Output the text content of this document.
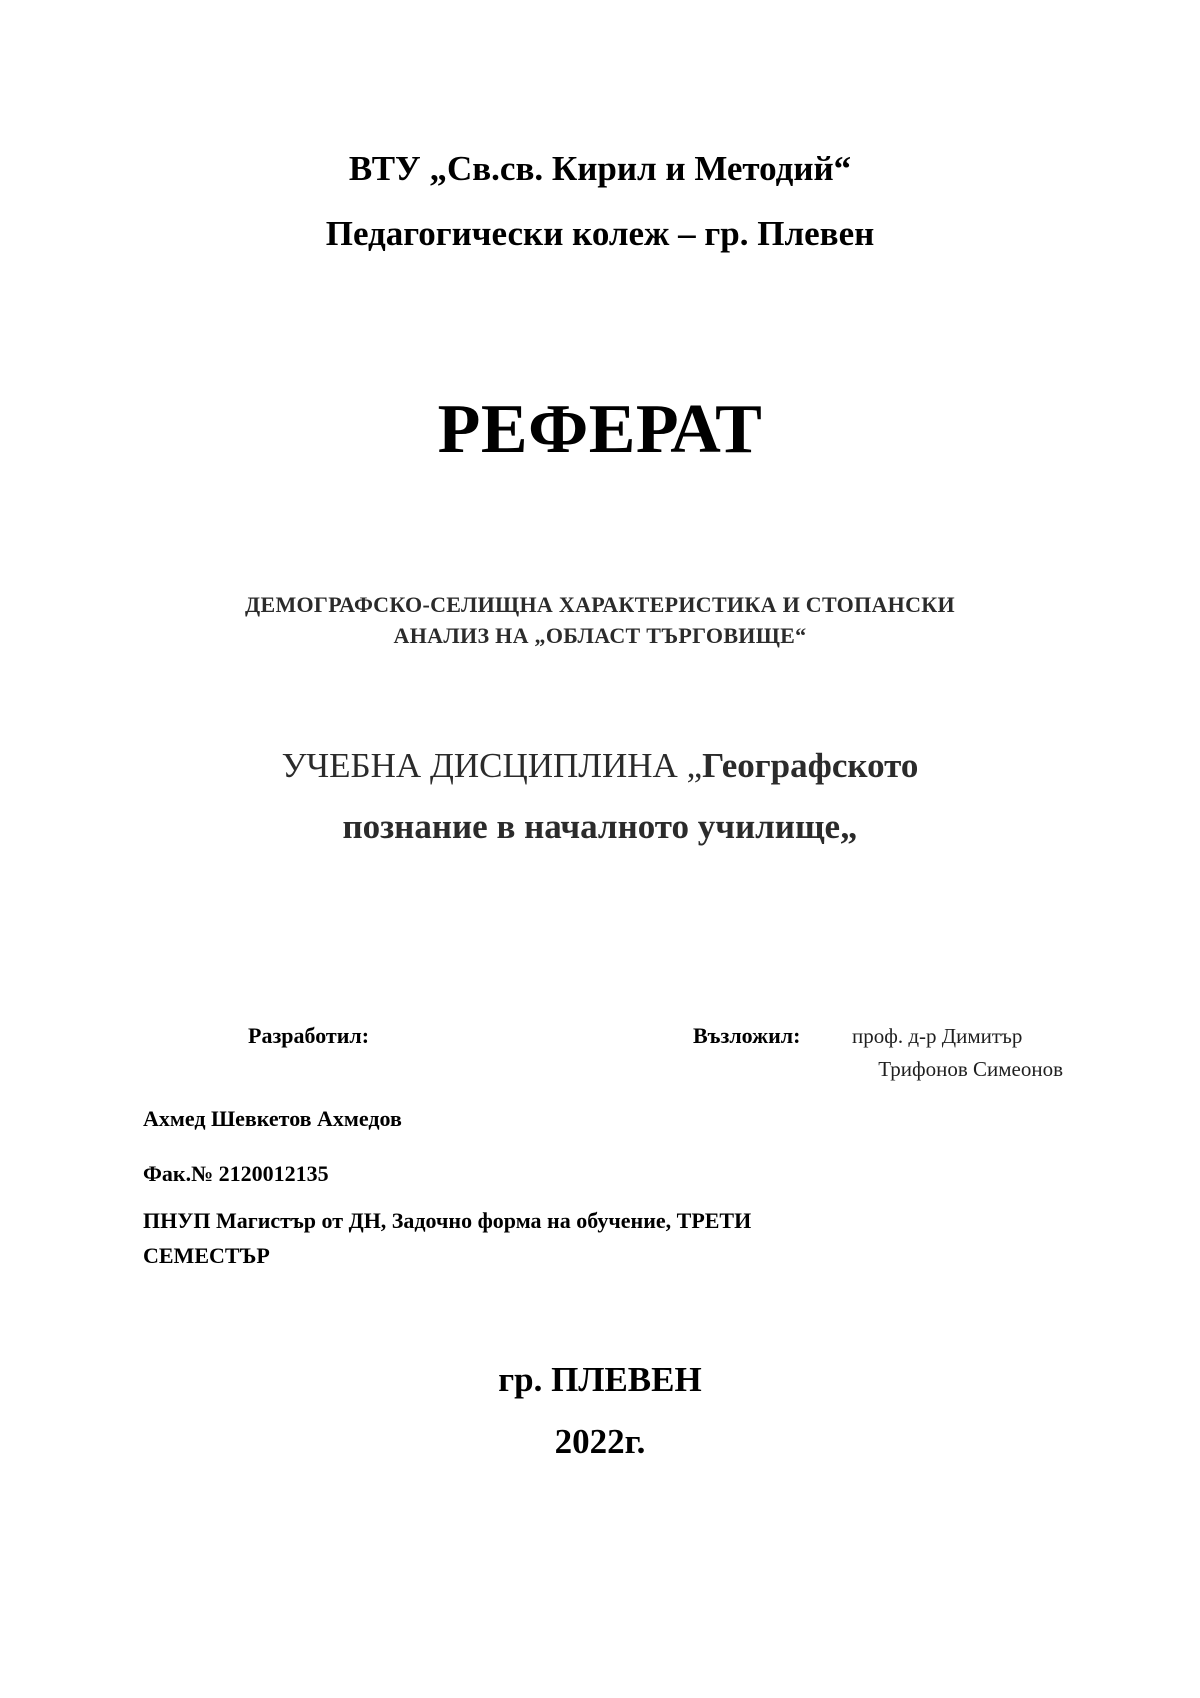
ВТУ „Св.св. Кирил и Методий“
Педагогически колеж – гр. Плевен
РЕФЕРАТ
ДЕМОГРАФСКО-СЕЛИЩНА ХАРАКТЕРИСТИКА И СТОПАНСКИ
АНАЛИЗ НА „ОБЛАСТ ТЪРГОВИЩЕ“
УЧЕБНА ДИСЦИПЛИНА „Географското
познание в началното училище„
Разработил:	Възложил: проф. д-р Димитър
Трифонов Симеонов
Ахмед Шевкетов Ахмедов
Фак.№ 2120012135
ПНУП Магистър от ДН, Задочно форма на обучение, ТРЕТИ
СЕМЕСТЪР
гр. ПЛЕВЕН
2022г.
